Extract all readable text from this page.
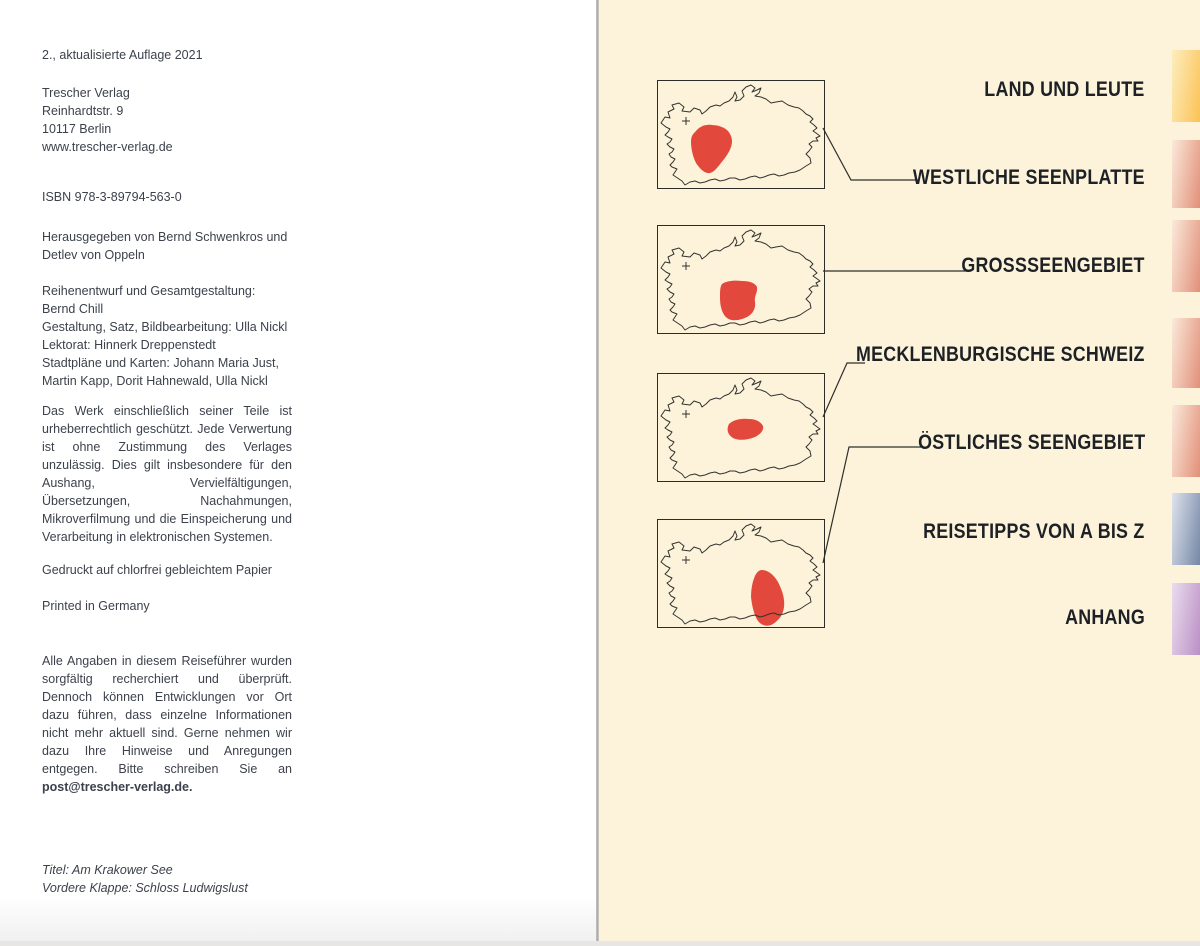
2., aktualisierte Auflage 2021
Trescher Verlag
Reinhardtstr. 9
10117 Berlin
www.trescher-verlag.de
ISBN 978-3-89794-563-0
Herausgegeben von Bernd Schwenkros und Detlev von Oppeln
Reihenentwurf und Gesamtgestaltung:
Bernd Chill
Gestaltung, Satz, Bildbearbeitung: Ulla Nickl
Lektorat: Hinnerk Dreppenstedt
Stadtpläne und Karten: Johann Maria Just,
Martin Kapp, Dorit Hahnewald, Ulla Nickl
Das Werk einschließlich seiner Teile ist urheberrechtlich geschützt. Jede Verwertung ist ohne Zustimmung des Verlages unzulässig. Dies gilt insbesondere für den Aushang, Vervielfältigungen, Übersetzungen, Nachahmungen, Mikroverfilmung und die Einspeicherung und Verarbeitung in elektronischen Systemen.
Gedruckt auf chlorfrei gebleichtem Papier
Printed in Germany
Alle Angaben in diesem Reiseführer wurden sorgfältig recherchiert und überprüft. Dennoch können Entwicklungen vor Ort dazu führen, dass einzelne Informationen nicht mehr aktuell sind. Gerne nehmen wir dazu Ihre Hinweise und Anregungen entgegen. Bitte schreiben Sie an post@trescher-verlag.de.
Titel: Am Krakower See
Vordere Klappe: Schloss Ludwigslust
LAND UND LEUTE
WESTLICHE SEENPLATTE
GROSSSEENGEBIET
MECKLENBURGISCHE SCHWEIZ
ÖSTLICHES SEENGEBIET
REISETIPPS VON A BIS Z
ANHANG
